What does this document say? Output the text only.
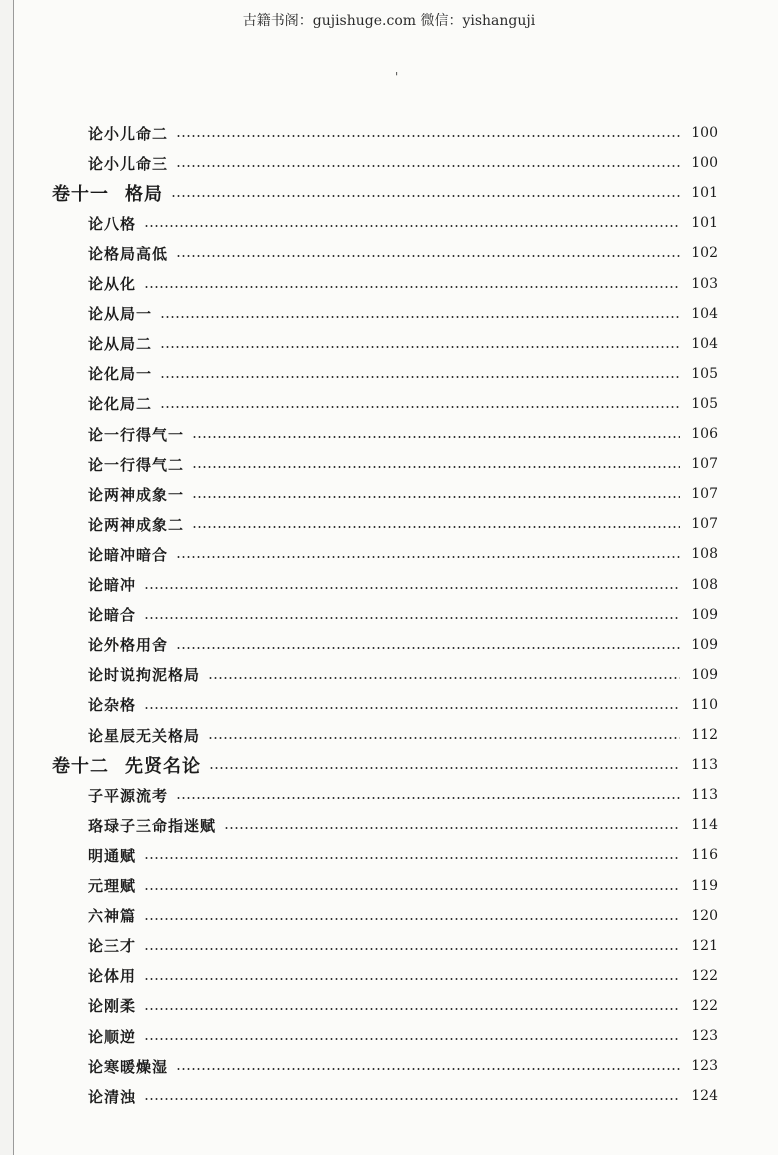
古籍书阁：gujishuge.com 微信：yishanguji
'
论小儿命二	100
论小儿命三	100
卷十一 格局	101
论八格	101
论格局高低	102
论从化	103
论从局一	104
论从局二	104
论化局一	105
论化局二	105
论一行得气一	106
论一行得气二	107
论两神成象一	107
论两神成象二	107
论暗冲暗合	108
论暗冲	108
论暗合	109
论外格用舍	109
论时说拘泥格局	109
论杂格	110
论星辰无关格局	112
卷十二 先贤名论	113
子平源流考	113
珞琭子三命指迷赋	114
明通赋	116
元理赋	119
六神篇	120
论三才	121
论体用	122
论刚柔	122
论顺逆	123
论寒暖燥湿	123
论清浊	124
